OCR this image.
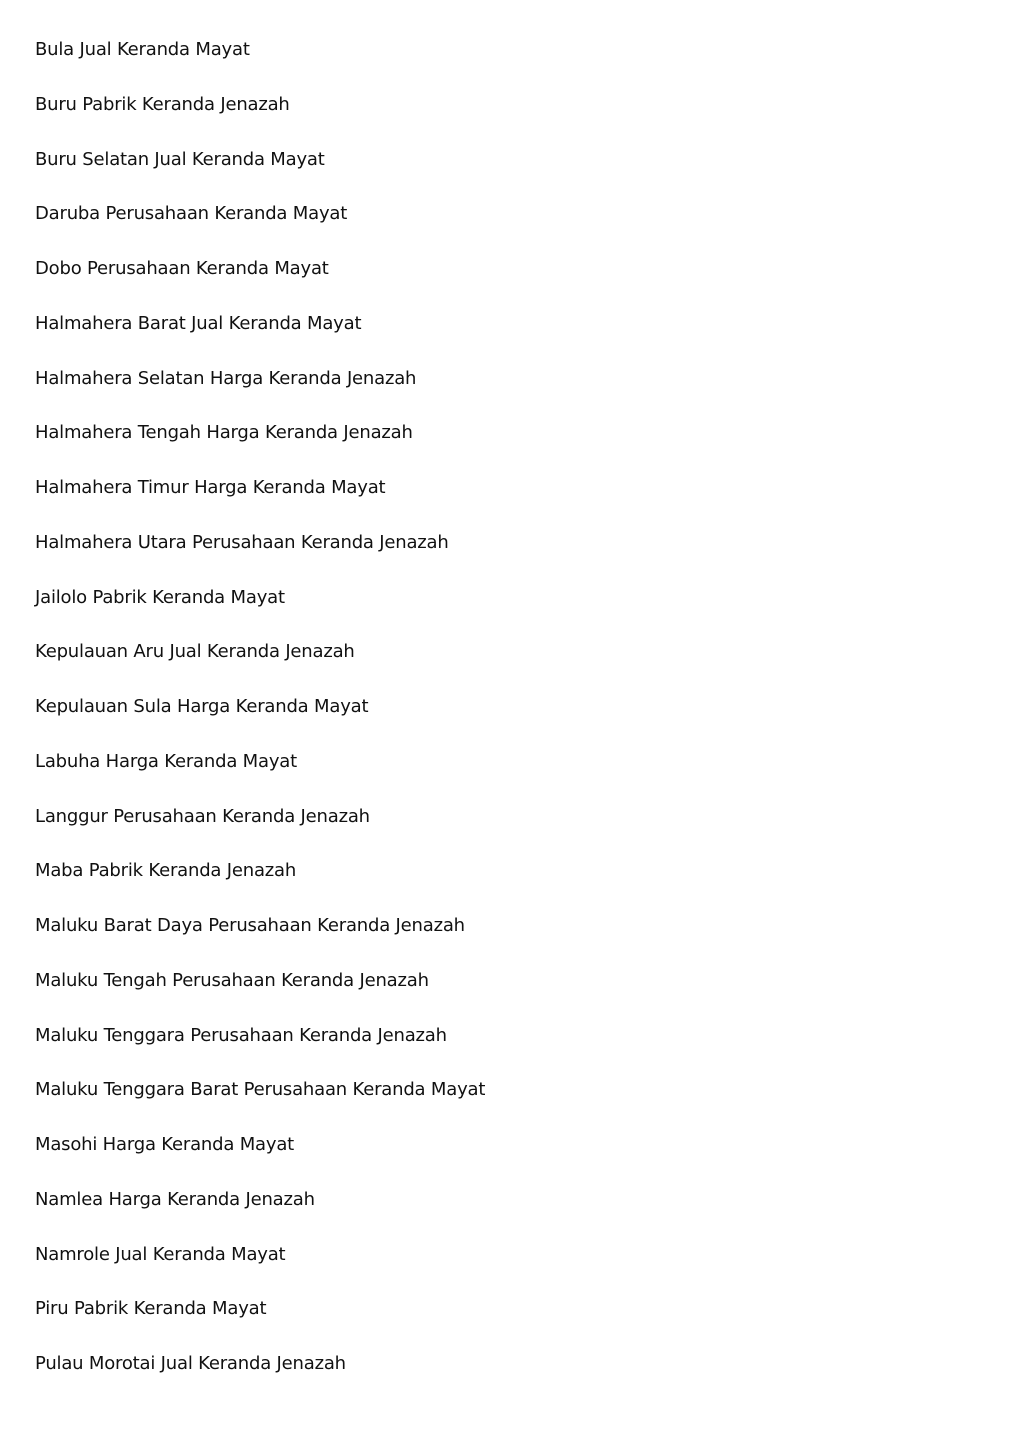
Bula Jual Keranda Mayat
Buru Pabrik Keranda Jenazah
Buru Selatan Jual Keranda Mayat
Daruba Perusahaan Keranda Mayat
Dobo Perusahaan Keranda Mayat
Halmahera Barat Jual Keranda Mayat
Halmahera Selatan Harga Keranda Jenazah
Halmahera Tengah Harga Keranda Jenazah
Halmahera Timur Harga Keranda Mayat
Halmahera Utara Perusahaan Keranda Jenazah
Jailolo Pabrik Keranda Mayat
Kepulauan Aru Jual Keranda Jenazah
Kepulauan Sula Harga Keranda Mayat
Labuha Harga Keranda Mayat
Langgur Perusahaan Keranda Jenazah
Maba Pabrik Keranda Jenazah
Maluku Barat Daya Perusahaan Keranda Jenazah
Maluku Tengah Perusahaan Keranda Jenazah
Maluku Tenggara Perusahaan Keranda Jenazah
Maluku Tenggara Barat Perusahaan Keranda Mayat
Masohi Harga Keranda Mayat
Namlea Harga Keranda Jenazah
Namrole Jual Keranda Mayat
Piru Pabrik Keranda Mayat
Pulau Morotai Jual Keranda Jenazah
